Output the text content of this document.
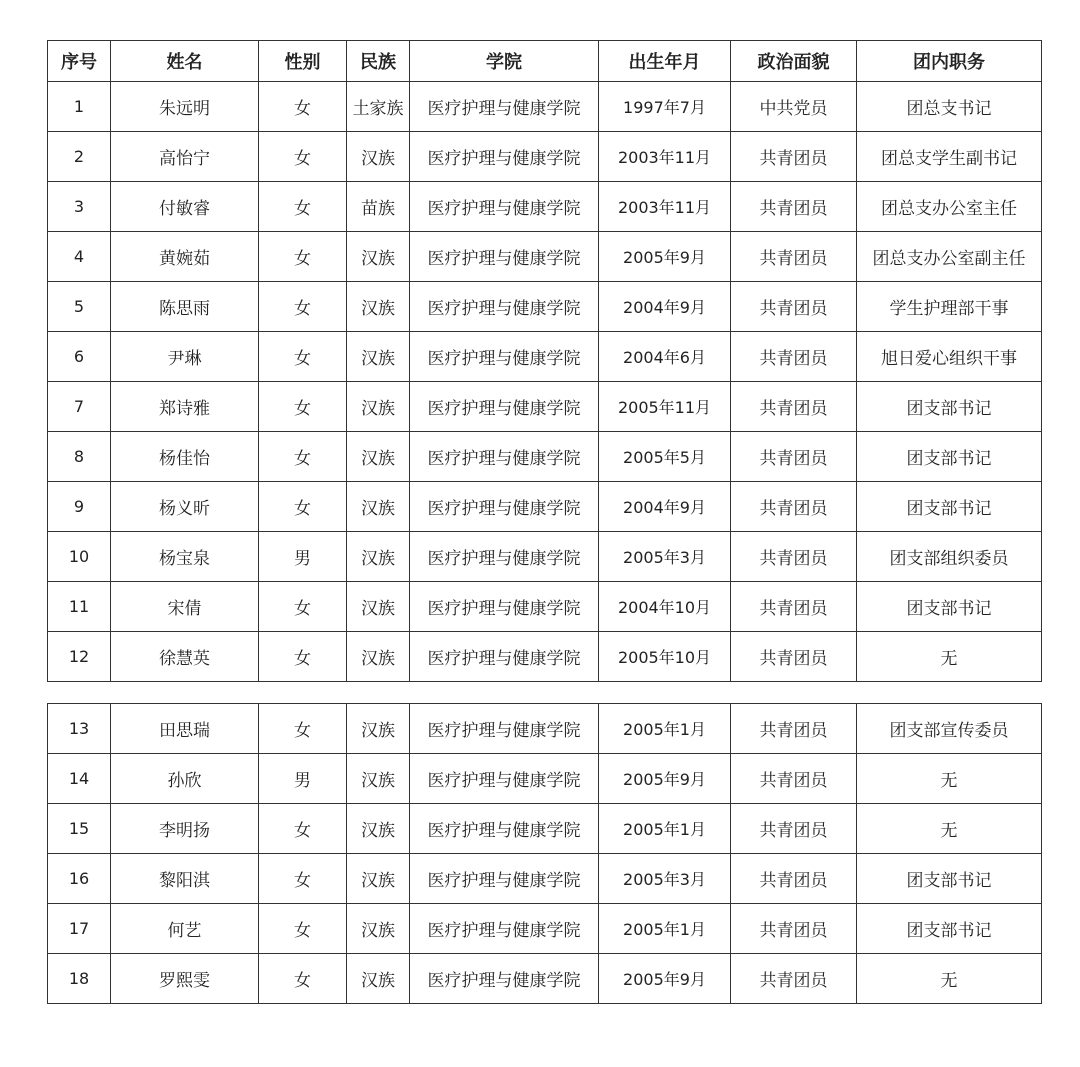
序号	姓名	性别	民族	学院	出生年月	政治面貌	团内职务
1	朱远明	女	土家族	医疗护理与健康学院	1997年7月	中共党员	团总支书记
2	高怡宁	女	汉族	医疗护理与健康学院	2003年11月	共青团员	团总支学生副书记
3	付敏睿	女	苗族	医疗护理与健康学院	2003年11月	共青团员	团总支办公室主任
4	黄婉茹	女	汉族	医疗护理与健康学院	2005年9月	共青团员	团总支办公室副主任
5	陈思雨	女	汉族	医疗护理与健康学院	2004年9月	共青团员	学生护理部干事
6	尹琳	女	汉族	医疗护理与健康学院	2004年6月	共青团员	旭日爱心组织干事
7	郑诗雅	女	汉族	医疗护理与健康学院	2005年11月	共青团员	团支部书记
8	杨佳怡	女	汉族	医疗护理与健康学院	2005年5月	共青团员	团支部书记
9	杨义昕	女	汉族	医疗护理与健康学院	2004年9月	共青团员	团支部书记
10	杨宝泉	男	汉族	医疗护理与健康学院	2005年3月	共青团员	团支部组织委员
11	宋倩	女	汉族	医疗护理与健康学院	2004年10月	共青团员	团支部书记
12	徐慧英	女	汉族	医疗护理与健康学院	2005年10月	共青团员	无
13	田思瑞	女	汉族	医疗护理与健康学院	2005年1月	共青团员	团支部宣传委员
14	孙欣	男	汉族	医疗护理与健康学院	2005年9月	共青团员	无
15	李明扬	女	汉族	医疗护理与健康学院	2005年1月	共青团员	无
16	黎阳淇	女	汉族	医疗护理与健康学院	2005年3月	共青团员	团支部书记
17	何艺	女	汉族	医疗护理与健康学院	2005年1月	共青团员	团支部书记
18	罗熙雯	女	汉族	医疗护理与健康学院	2005年9月	共青团员	无
